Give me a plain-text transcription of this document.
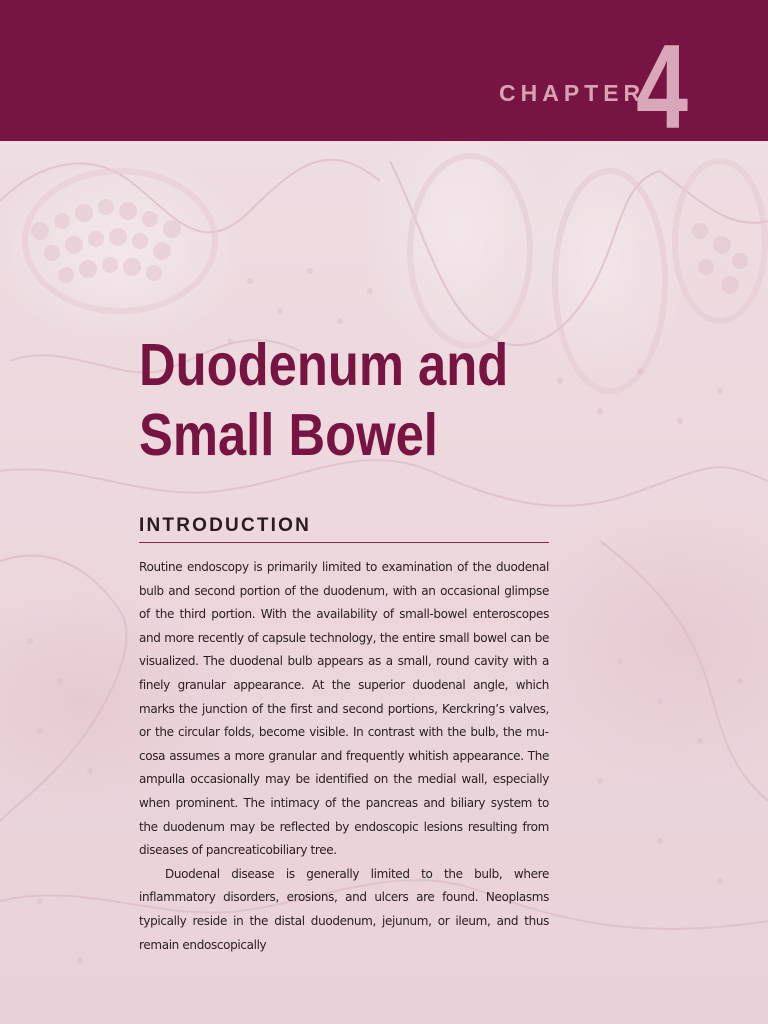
CHAPTER
4
Duodenum and
Small Bowel
INTRODUCTION

Routine endoscopy is primarily limited to examination of the duodenal bulb and second portion of the duodenum, with an occasional glimpse of the third portion. With the availability of small-bowel enteroscopes and more recently of capsule technology, the entire small bowel can be visualized. The duodenal bulb appears as a small, round cavity with a finely granular appearance. At the superior duodenal angle, which marks the junction of the first and second portions, Kerckring’s valves, or the circular folds, become visible. In contrast with the bulb, the mucosa assumes a more granular and frequently whitish appearance. The ampulla occasionally may be identified on the medial wall, especially when prominent. The intimacy of the pancreas and biliary system to the duodenum may be reflected by endoscopic lesions resulting from diseases of pancreaticobiliary tree.

Duodenal disease is generally limited to the bulb, where inflammatory disorders, erosions, and ulcers are found. Neoplasms typically reside in the distal duodenum, jejunum, or ileum, and thus remain endoscopically
